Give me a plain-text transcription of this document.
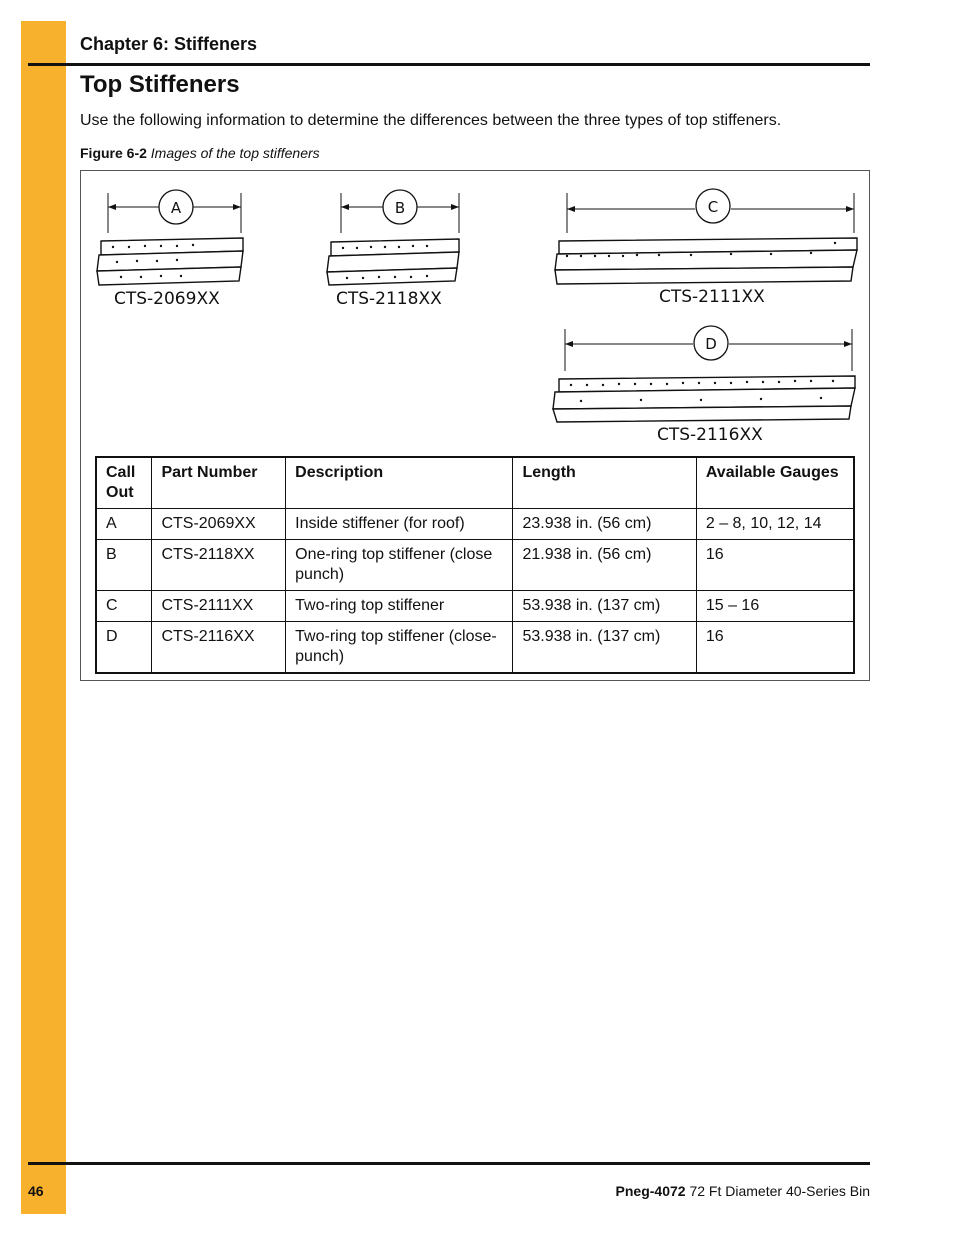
Chapter 6: Stiffeners
Top Stiffeners
Use the following information to determine the differences between the three types of top stiffeners.
Figure 6-2 Images of the top stiffeners
A
CTS-2069XX
B
CTS-2118XX
C
CTS-2111XX
D
CTS-2116XX
Call Out	Part Number	Description	Length	Available Gauges
A	CTS-2069XX	Inside stiffener (for roof)	23.938 in. (56 cm)	2 – 8, 10, 12, 14
B	CTS-2118XX	One-ring top stiffener (close punch)	21.938 in. (56 cm)	16
C	CTS-2111XX	Two-ring top stiffener	53.938 in. (137 cm)	15 – 16
D	CTS-2116XX	Two-ring top stiffener (close-punch)	53.938 in. (137 cm)	16
46	Pneg-4072 72 Ft Diameter 40-Series Bin
